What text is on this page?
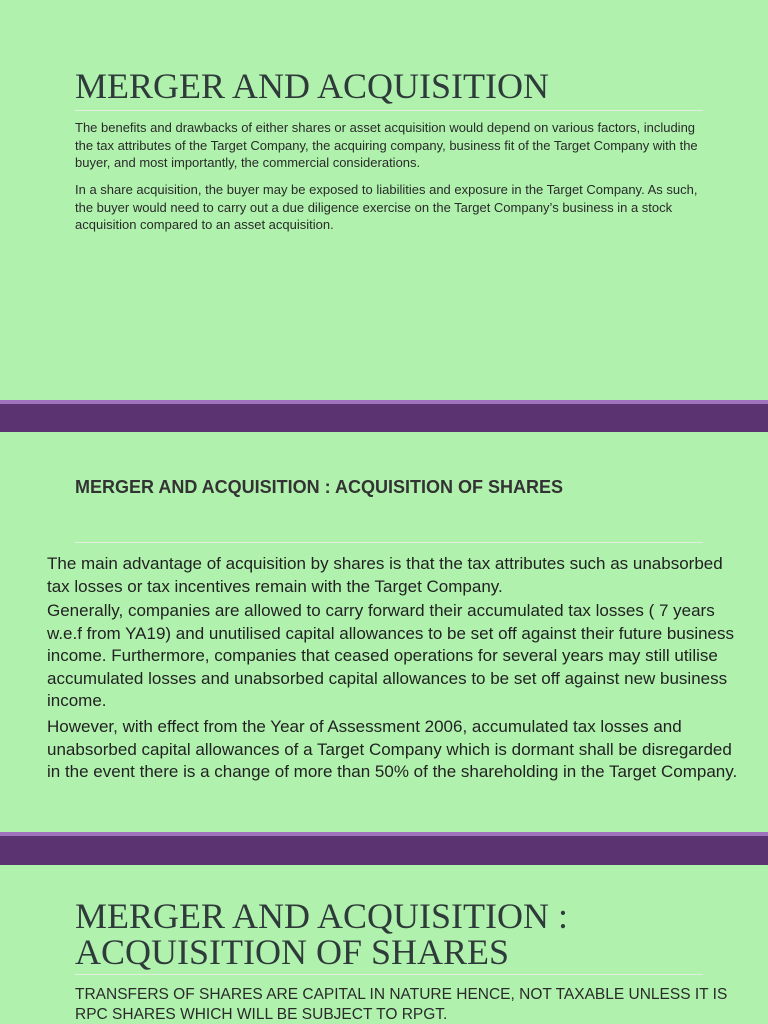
MERGER AND ACQUISITION

The benefits and drawbacks of either shares or asset acquisition would depend on various factors, including the tax attributes of the Target Company, the acquiring company, business fit of the Target Company with the buyer, and most importantly, the commercial considerations.

In a share acquisition, the buyer may be exposed to liabilities and exposure in the Target Company. As such, the buyer would need to carry out a due diligence exercise on the Target Company’s business in a stock acquisition compared to an asset acquisition.

MERGER AND ACQUISITION : ACQUISITION OF SHARES

The main advantage of acquisition by shares is that the tax attributes such as unabsorbed tax losses or tax incentives remain with the Target Company.

Generally, companies are allowed to carry forward their accumulated tax losses ( 7 years w.e.f from YA19) and unutilised capital allowances to be set off against their future business income. Furthermore, companies that ceased operations for several years may still utilise accumulated losses and unabsorbed capital allowances to be set off against new business income.

However, with effect from the Year of Assessment 2006, accumulated tax losses and unabsorbed capital allowances of a Target Company which is dormant shall be disregarded in the event there is a change of more than 50% of the shareholding in the Target Company.

MERGER AND ACQUISITION :
ACQUISITION OF SHARES

TRANSFERS OF SHARES ARE CAPITAL IN NATURE HENCE, NOT TAXABLE UNLESS IT IS RPC SHARES WHICH WILL BE SUBJECT TO RPGT.
